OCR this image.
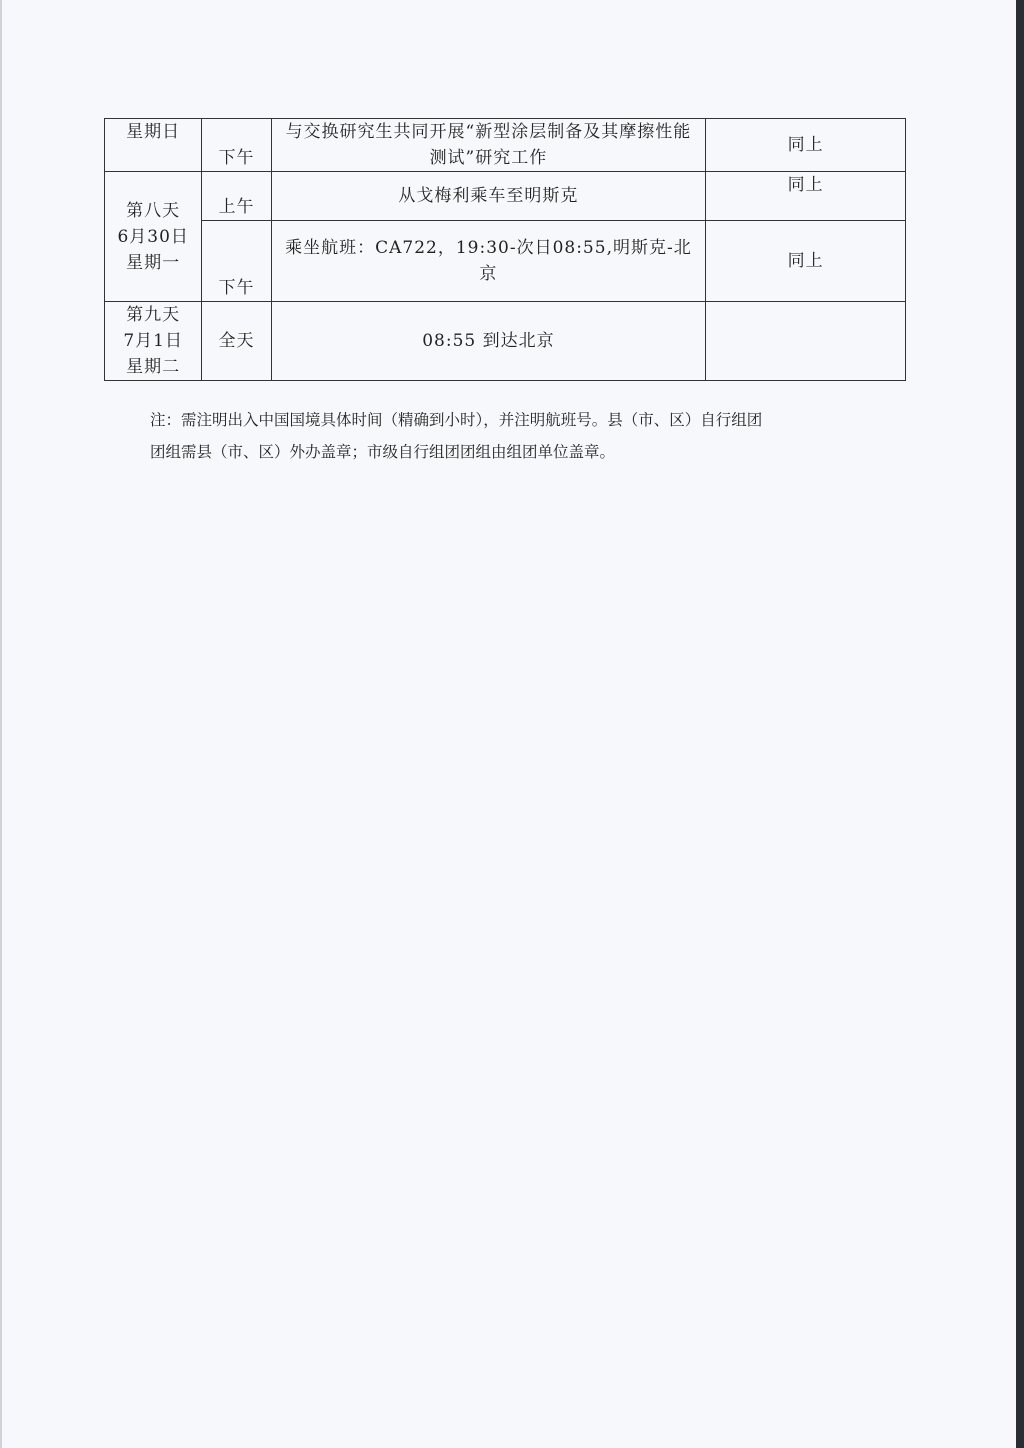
星期日	下午	与交换研究生共同开展“新型涂层制备及其摩擦性能测试”研究工作	同上

第八天
6月30日
星期一	上午	从戈梅利乘车至明斯克	同上
	下午	乘坐航班：CA722，19:30-次日08:55,明斯克-北京	同上

第九天
7月1日
星期二	全天	08:55 到达北京	

注：需注明出入中国国境具体时间（精确到小时），并注明航班号。县（市、区）自行组团

团组需县（市、区）外办盖章；市级自行组团团组由组团单位盖章。
